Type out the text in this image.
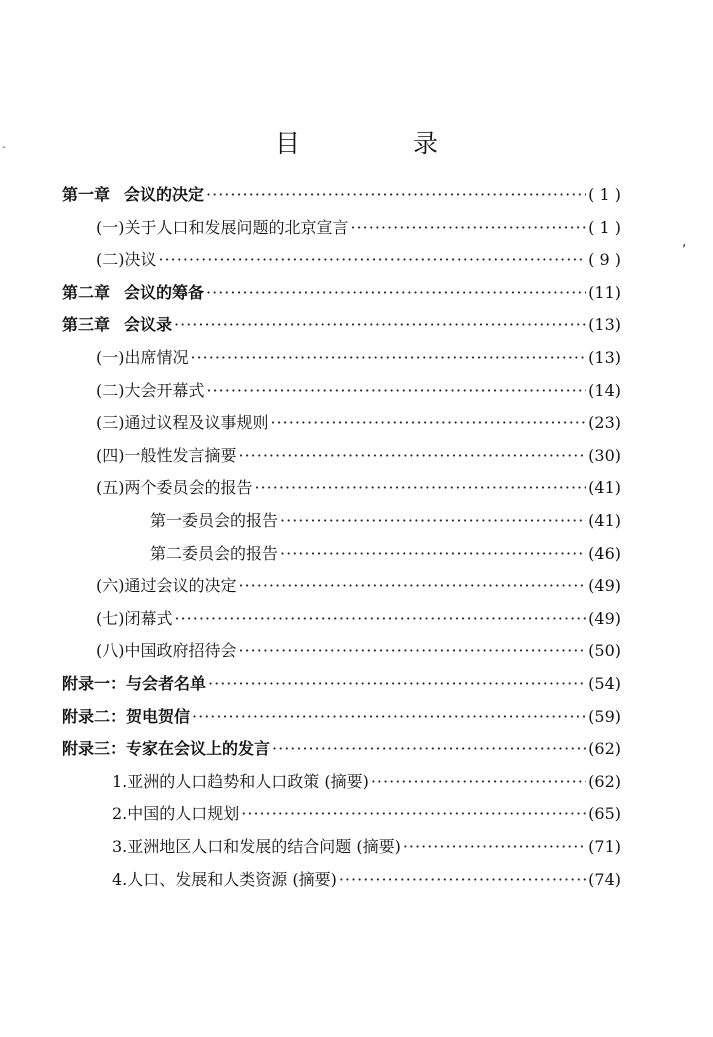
目　录
-
,
第一章 会议的决定 ·····	( 1 )
(一)关于人口和发展问题的北京宣言 ·····	( 1 )
(二)决议 ·····	( 9 )
第二章 会议的筹备 ·····	(11)
第三章 会议录 ·····	(13)
(一)出席情况 ·····	(13)
(二)大会开幕式 ·····	(14)
(三)通过议程及议事规则 ·····	(23)
(四)一般性发言摘要 ·····	(30)
(五)两个委员会的报告 ·····	(41)
第一委员会的报告 ·····	(41)
第二委员会的报告 ·····	(46)
(六)通过会议的决定 ·····	(49)
(七)闭幕式 ·····	(49)
(八)中国政府招待会 ·····	(50)
附录一：与会者名单 ·····	(54)
附录二：贺电贺信 ·····	(59)
附录三：专家在会议上的发言 ·····	(62)
1.亚洲的人口趋势和人口政策 (摘要) ·····	(62)
2.中国的人口规划 ·····	(65)
3.亚洲地区人口和发展的结合问题 (摘要) ·····	(71)
4.人口、发展和人类资源 (摘要) ·····	(74)
